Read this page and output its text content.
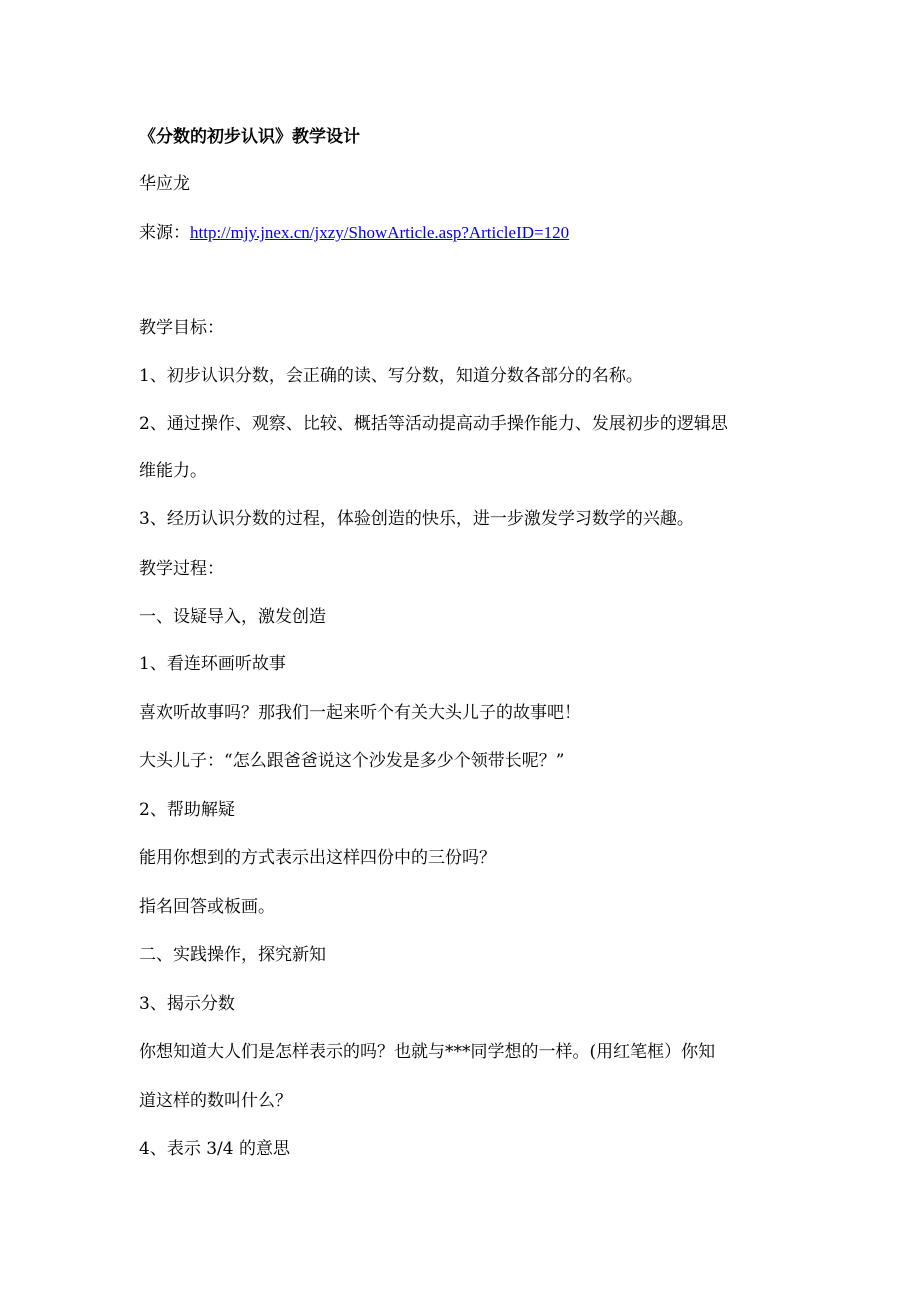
《分数的初步认识》教学设计
华应龙
来源：http://mjy.jnex.cn/jxzy/ShowArticle.asp?ArticleID=120
教学目标：
1、初步认识分数，会正确的读、写分数，知道分数各部分的名称。
2、通过操作、观察、比较、概括等活动提高动手操作能力、发展初步的逻辑思
维能力。
3、经历认识分数的过程，体验创造的快乐，进一步激发学习数学的兴趣。
教学过程：
一、设疑导入，激发创造
1、看连环画听故事
喜欢听故事吗？那我们一起来听个有关大头儿子的故事吧！
大头儿子：“怎么跟爸爸说这个沙发是多少个领带长呢？”
2、帮助解疑
能用你想到的方式表示出这样四份中的三份吗？
指名回答或板画。
二、实践操作，探究新知
3、揭示分数
你想知道大人们是怎样表示的吗？也就与***同学想的一样。(用红笔框）你知
道这样的数叫什么？
4、表示 3/4 的意思
